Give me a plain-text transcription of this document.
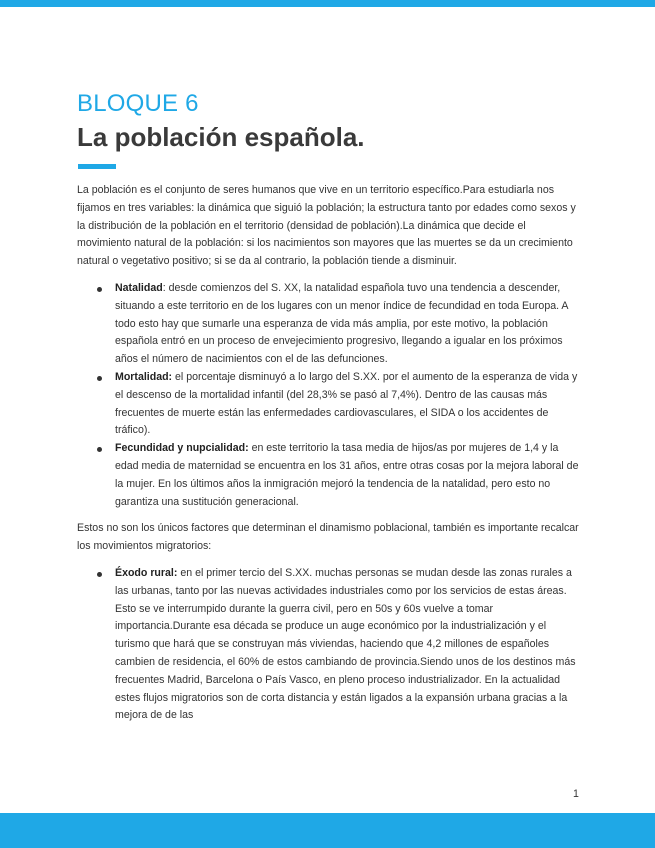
BLOQUE 6
La población española.

La población es el conjunto de seres humanos que vive en un territorio específico.Para estudiarla nos fijamos en tres variables: la dinámica que siguió la población; la estructura tanto por edades como sexos y la distribución de la población en el territorio (densidad de población).La dinámica que decide el movimiento natural de la población: si los nacimientos son mayores que las muertes se da un crecimiento natural o vegetativo positivo; si se da al contrario, la población tiende a disminuir.

Natalidad: desde comienzos del S. XX, la natalidad española tuvo una tendencia a descender, situando a este territorio en de los lugares con un menor índice de fecundidad en toda Europa. A todo esto hay que sumarle una esperanza de vida más amplia, por este motivo, la población española entró en un proceso de envejecimiento progresivo, llegando a igualar en los próximos años el número de nacimientos con el de las defunciones.
Mortalidad: el porcentaje disminuyó a lo largo del S.XX. por el aumento de la esperanza de vida y el descenso de la mortalidad infantil (del 28,3% se pasó al 7,4%). Dentro de las causas más frecuentes de muerte están las enfermedades cardiovasculares, el SIDA o los accidentes de tráfico).
Fecundidad y nupcialidad: en este territorio la tasa media de hijos/as por mujeres de 1,4 y la edad media de maternidad se encuentra en los 31 años, entre otras cosas por la mejora laboral de la mujer. En los últimos años la inmigración mejoró la tendencia de la natalidad, pero esto no garantiza una sustitución generacional.

Estos no son los únicos factores que determinan el dinamismo poblacional, también es importante recalcar los movimientos migratorios:

Éxodo rural: en el primer tercio del S.XX. muchas personas se mudan desde las zonas rurales a las urbanas, tanto por las nuevas actividades industriales como por los servicios de estas áreas. Esto se ve interrumpido durante la guerra civil, pero en 50s y 60s vuelve a tomar importancia.Durante esa década se produce un auge económico por la industrialización y el turismo que hará que se construyan más viviendas, haciendo que 4,2 millones de españoles cambien de residencia, el 60% de estos cambiando de provincia.Siendo unos de los destinos más frecuentes Madrid, Barcelona o País Vasco, en pleno proceso industrializador. En la actualidad estes flujos migratorios son de corta distancia y están ligados a la expansión urbana gracias a la mejora de de las
1
